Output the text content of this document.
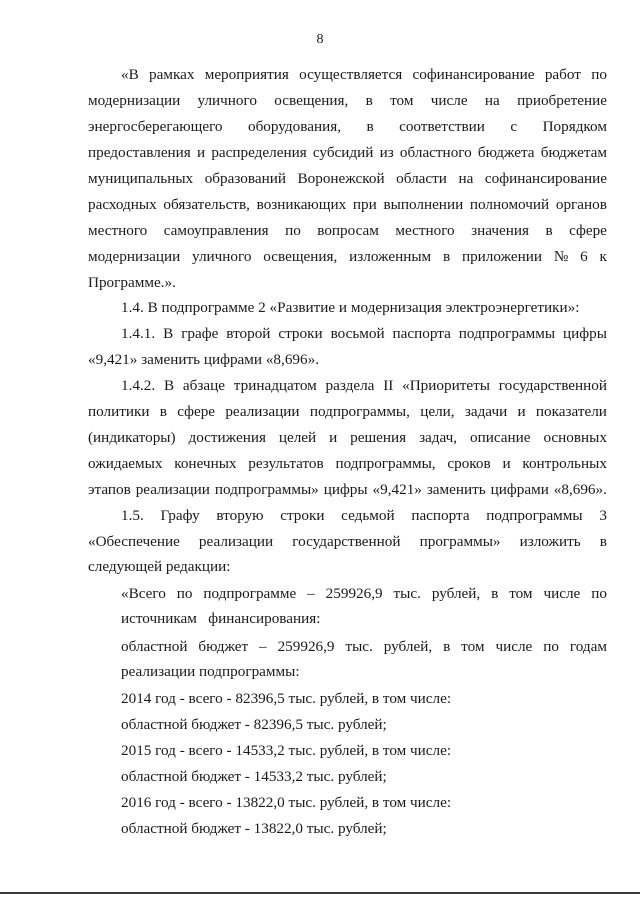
8
«В рамках мероприятия осуществляется софинансирование работ по
модернизации уличного освещения, в том числе на приобретение
энергосберегающего оборудования, в соответствии с Порядком
предоставления и распределения субсидий из областного бюджета бюджетам
муниципальных образований Воронежской области на софинансирование
расходных обязательств, возникающих при выполнении полномочий органов
местного самоуправления по вопросам местного значения в сфере
модернизации уличного освещения, изложенным в приложении № 6 к
Программе.».
1.4. В подпрограмме 2 «Развитие и модернизация электроэнергетики»:
1.4.1. В графе второй строки восьмой паспорта подпрограммы цифры
«9,421» заменить цифрами «8,696».
1.4.2. В абзаце тринадцатом раздела II «Приоритеты государственной
политики в сфере реализации подпрограммы, цели, задачи и показатели
(индикаторы) достижения целей и решения задач, описание основных
ожидаемых конечных результатов подпрограммы, сроков и контрольных
этапов реализации подпрограммы» цифры «9,421» заменить цифрами «8,696».
1.5. Графу вторую строки седьмой паспорта подпрограммы 3
«Обеспечение реализации государственной программы» изложить в
следующей редакции:
«Всего по подпрограмме – 259926,9 тыс. рублей, в том числе по
источникам   финансирования:
областной бюджет – 259926,9 тыс. рублей, в том числе по годам
реализации подпрограммы:
2014 год - всего - 82396,5 тыс. рублей, в том числе:
областной бюджет - 82396,5 тыс. рублей;
2015 год - всего - 14533,2 тыс. рублей, в том числе:
областной бюджет - 14533,2 тыс. рублей;
2016 год - всего - 13822,0 тыс. рублей, в том числе:
областной бюджет - 13822,0 тыс. рублей;
